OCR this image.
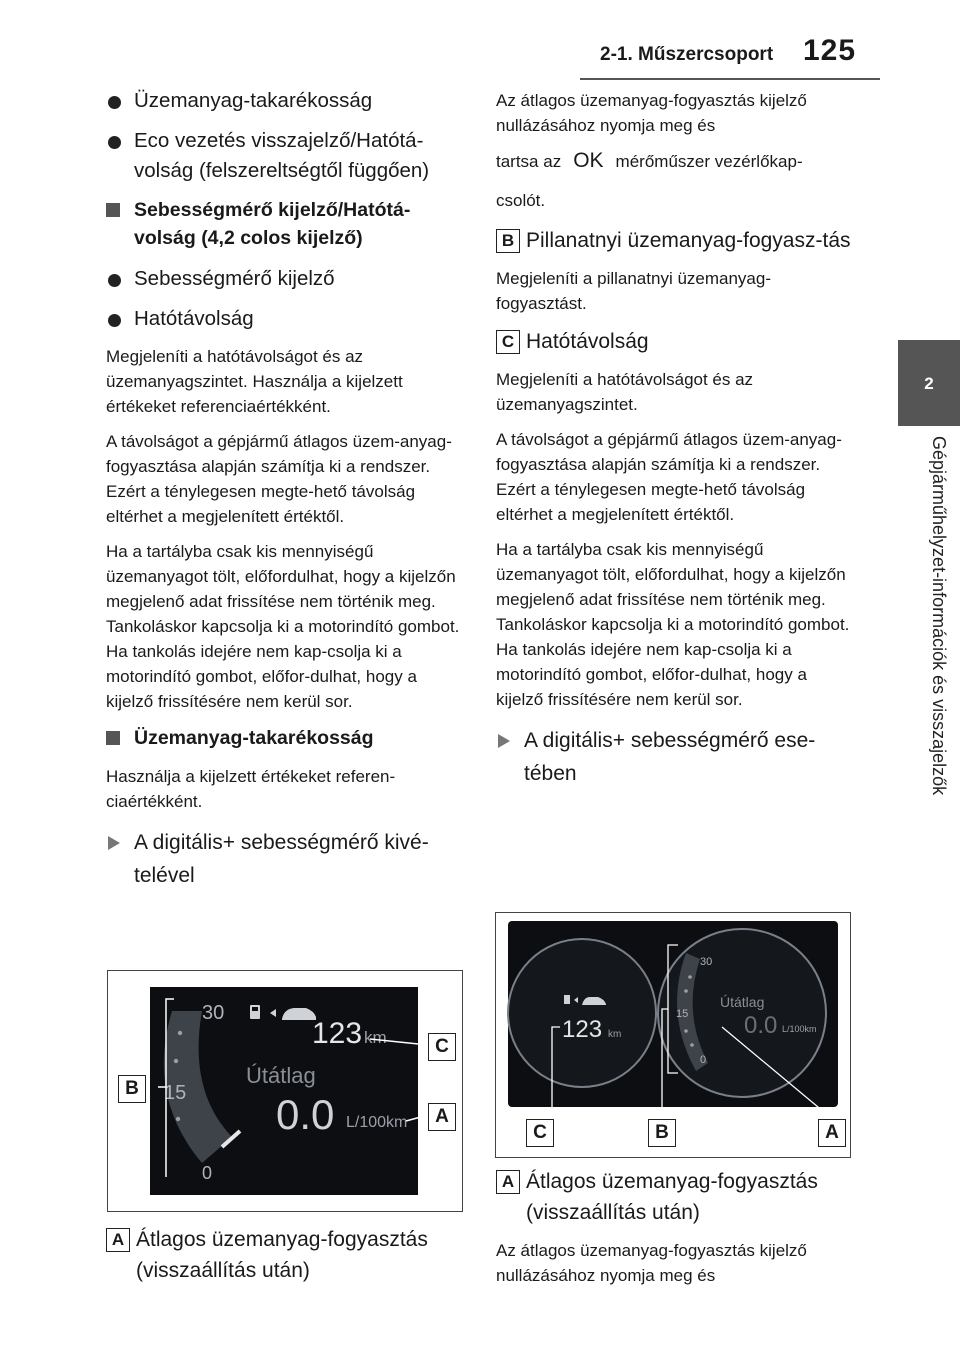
2-1. Műszercsoport 125
2
Gépjárműhelyzet-információk és visszajelzők
Üzemanyag-takarékosság
Eco vezetés visszajelző/Hatótá-volság (felszereltségtől függően)
Sebességmérő kijelző/Hatótá-volság (4,2 colos kijelző)
Sebességmérő kijelző
Hatótávolság
Megjeleníti a hatótávolságot és az üzemanyagszintet. Használja a kijelzett értékeket referenciaértékként.
A távolságot a gépjármű átlagos üzem-anyag-fogyasztása alapján számítja ki a rendszer. Ezért a ténylegesen megte-hető távolság eltérhet a megjelenített értéktől.
Ha a tartályba csak kis mennyiségű üzemanyagot tölt, előfordulhat, hogy a kijelzőn megjelenő adat frissítése nem történik meg.
Tankoláskor kapcsolja ki a motorindító gombot. Ha tankolás idejére nem kap-csolja ki a motorindító gombot, előfor-dulhat, hogy a kijelző frissítésére nem kerül sor.
Üzemanyag-takarékosság
Használja a kijelzett értékeket referen-ciaértékként.
A digitális+ sebességmérő kivé-telével
30
15
0
123 km
Útátlag
0.0 L/100km
B
C
A
A Átlagos üzemanyag-fogyasztás (visszaállítás után)
Az átlagos üzemanyag-fogyasztás kijelző nullázásához nyomja meg és
tartsa az OK mérőműszer vezérlőkap-
csolót.
B Pillanatnyi üzemanyag-fogyasz-tás
Megjeleníti a pillanatnyi üzemanyag-fogyasztást.
C Hatótávolság
Megjeleníti a hatótávolságot és az üzemanyagszintet.
A távolságot a gépjármű átlagos üzem-anyag-fogyasztása alapján számítja ki a rendszer. Ezért a ténylegesen megte-hető távolság eltérhet a megjelenített értéktől.
Ha a tartályba csak kis mennyiségű üzemanyagot tölt, előfordulhat, hogy a kijelzőn megjelenő adat frissítése nem történik meg.
Tankoláskor kapcsolja ki a motorindító gombot. Ha tankolás idejére nem kap-csolja ki a motorindító gombot, előfor-dulhat, hogy a kijelző frissítésére nem kerül sor.
A digitális+ sebességmérő ese-tében
30
15
0
Útátlag
0.0 L/100km
123 km
C	B	A
A Átlagos üzemanyag-fogyasztás (visszaállítás után)
Az átlagos üzemanyag-fogyasztás kijelző nullázásához nyomja meg és
